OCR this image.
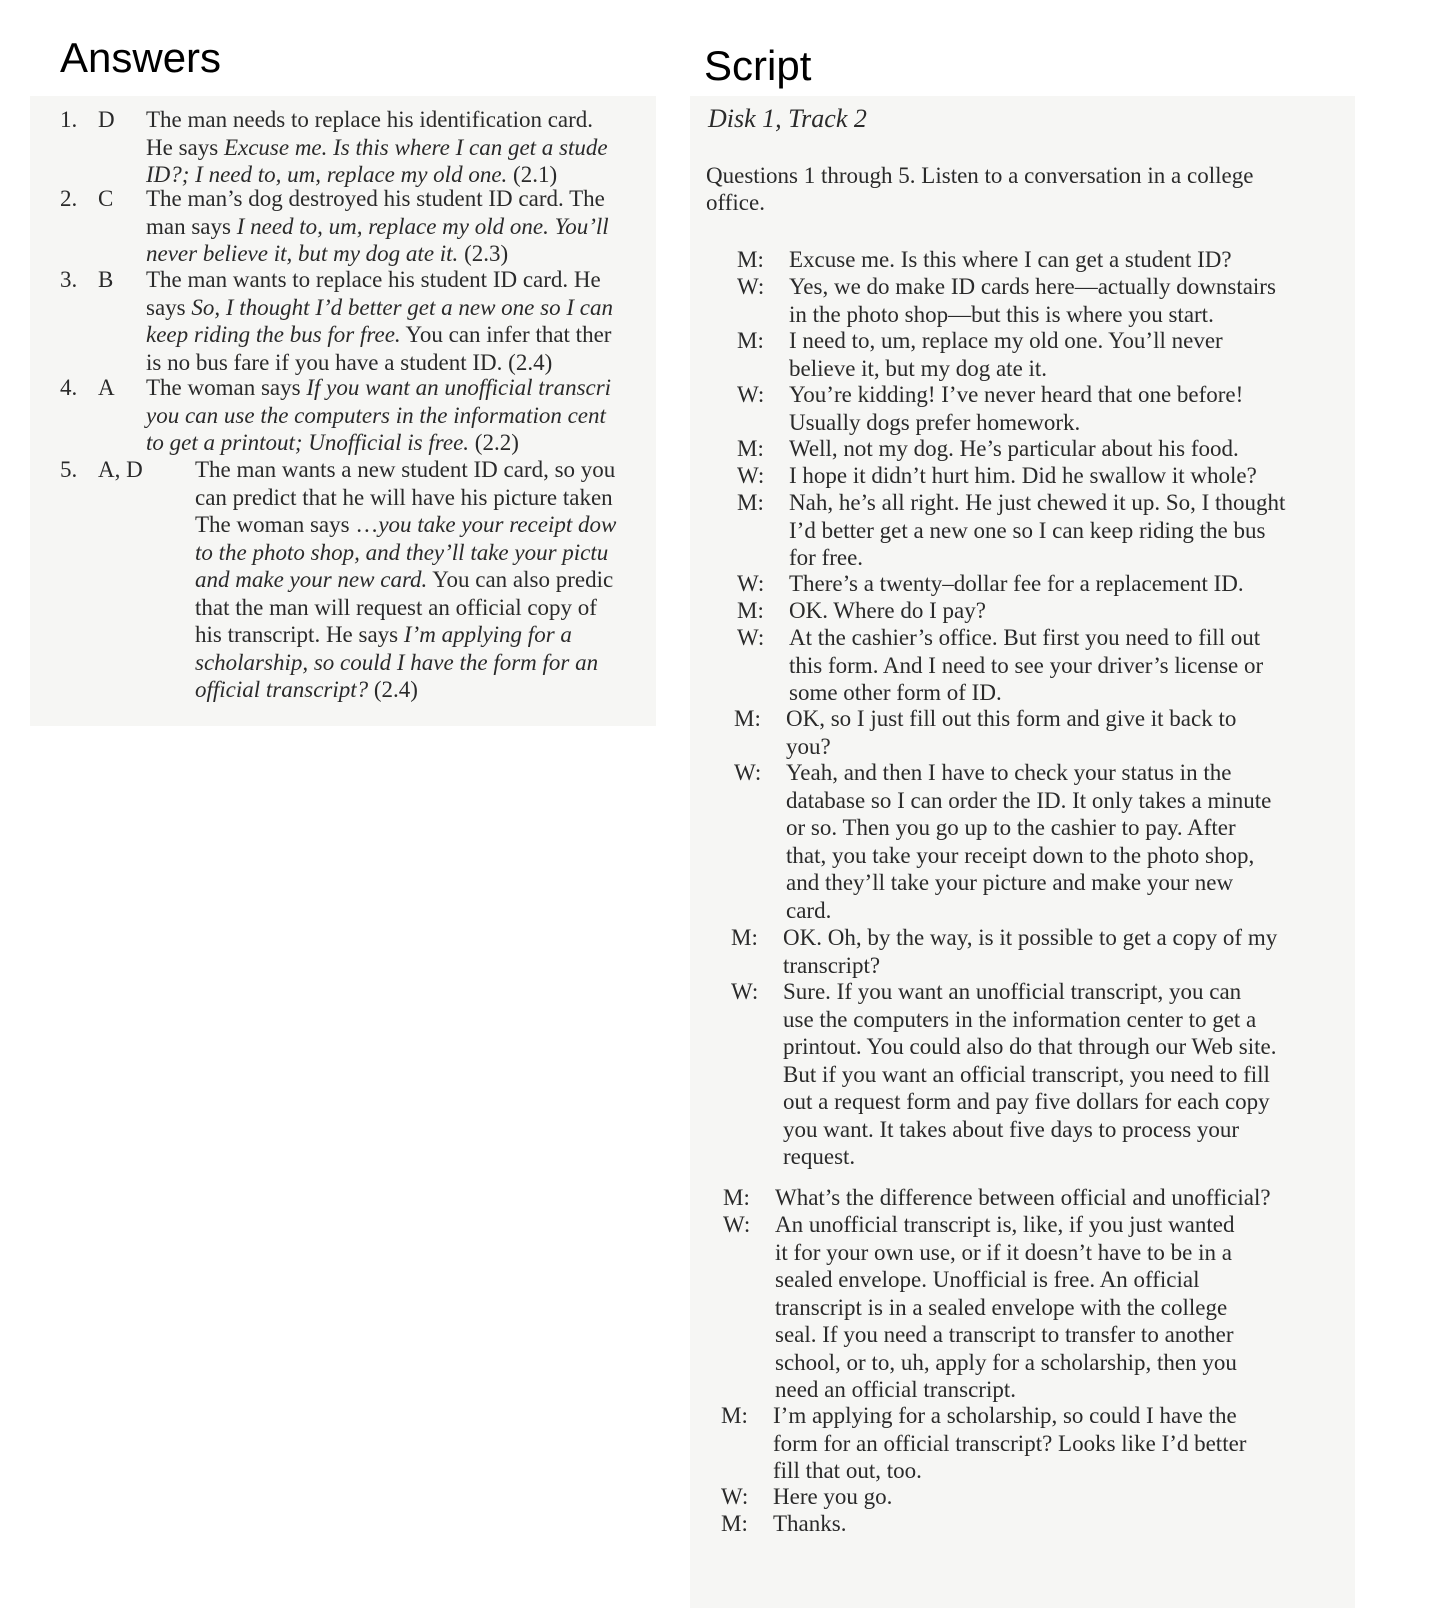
Answers	Script
1. D The man needs to replace his identification card.
He says Excuse me. Is this where I can get a stude
ID?; I need to, um, replace my old one. (2.1)
2. C The man’s dog destroyed his student ID card. The
man says I need to, um, replace my old one. You’ll
never believe it, but my dog ate it. (2.3)
3. B The man wants to replace his student ID card. He
says So, I thought I’d better get a new one so I can
keep riding the bus for free. You can infer that ther
is no bus fare if you have a student ID. (2.4)
4. A The woman says If you want an unofficial transcri
you can use the computers in the information cent
to get a printout; Unofficial is free. (2.2)
5. A, D The man wants a new student ID card, so you
can predict that he will have his picture taken
The woman says …you take your receipt dow
to the photo shop, and they’ll take your pictu
and make your new card. You can also predic
that the man will request an official copy of
his transcript. He says I’m applying for a
scholarship, so could I have the form for an
official transcript? (2.4)
Disk 1, Track 2
Questions 1 through 5. Listen to a conversation in a college
office.
M: Excuse me. Is this where I can get a student ID?
W: Yes, we do make ID cards here—actually downstairs
in the photo shop—but this is where you start.
M: I need to, um, replace my old one. You’ll never
believe it, but my dog ate it.
W: You’re kidding! I’ve never heard that one before!
Usually dogs prefer homework.
M: Well, not my dog. He’s particular about his food.
W: I hope it didn’t hurt him. Did he swallow it whole?
M: Nah, he’s all right. He just chewed it up. So, I thought
I’d better get a new one so I can keep riding the bus
for free.
W: There’s a twenty–dollar fee for a replacement ID.
M: OK. Where do I pay?
W: At the cashier’s office. But first you need to fill out
this form. And I need to see your driver’s license or
some other form of ID.
M: OK, so I just fill out this form and give it back to
you?
W: Yeah, and then I have to check your status in the
database so I can order the ID. It only takes a minute
or so. Then you go up to the cashier to pay. After
that, you take your receipt down to the photo shop,
and they’ll take your picture and make your new
card.
M: OK. Oh, by the way, is it possible to get a copy of my
transcript?
W: Sure. If you want an unofficial transcript, you can
use the computers in the information center to get a
printout. You could also do that through our Web site.
But if you want an official transcript, you need to fill
out a request form and pay five dollars for each copy
you want. It takes about five days to process your
request.
M: What’s the difference between official and unofficial?
W: An unofficial transcript is, like, if you just wanted
it for your own use, or if it doesn’t have to be in a
sealed envelope. Unofficial is free. An official
transcript is in a sealed envelope with the college
seal. If you need a transcript to transfer to another
school, or to, uh, apply for a scholarship, then you
need an official transcript.
M: I’m applying for a scholarship, so could I have the
form for an official transcript? Looks like I’d better
fill that out, too.
W: Here you go.
M: Thanks.
